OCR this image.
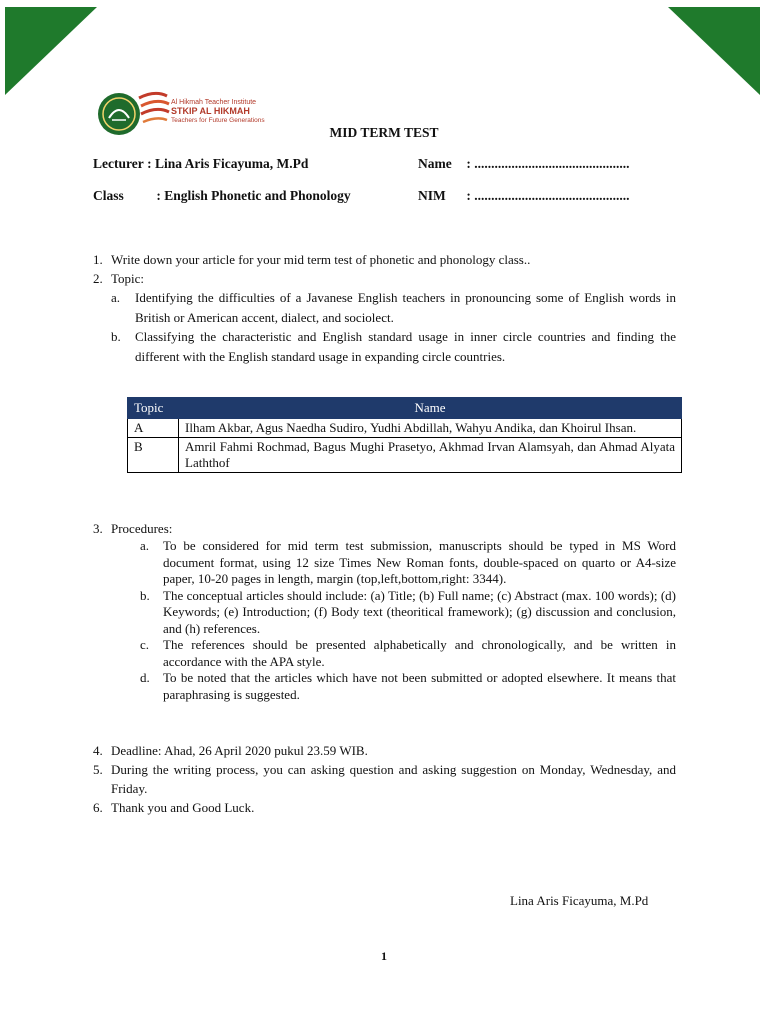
Al Hikmah Teacher Institute
STKIP AL HIKMAH
Teachers for Future Generations
MID TERM TEST
Lecturer : Lina Aris Ficayuma, M.Pd	Name : ..............................................
Class : English Phonetic and Phonology	NIM : ..............................................
1. Write down your article for your mid term test of phonetic and phonology class..
2. Topic:
a. Identifying the difficulties of a Javanese English teachers in pronouncing some of English words in British or American accent, dialect, and sociolect.
b. Classifying the characteristic and English standard usage in inner circle countries and finding the different with the English standard usage in expanding circle countries.
Topic	Name
A	Ilham Akbar, Agus Naedha Sudiro, Yudhi Abdillah, Wahyu Andika, dan Khoirul Ihsan.
B	Amril Fahmi Rochmad, Bagus Mughi Prasetyo, Akhmad Irvan Alamsyah, dan Ahmad Alyata Laththof
3. Procedures:
a. To be considered for mid term test submission, manuscripts should be typed in MS Word document format, using 12 size Times New Roman fonts, double-spaced on quarto or A4-size paper, 10-20 pages in length, margin (top,left,bottom,right: 3344).
b. The conceptual articles should include: (a) Title; (b) Full name; (c) Abstract (max. 100 words); (d) Keywords; (e) Introduction; (f) Body text (theoritical framework); (g) discussion and conclusion, and (h) references.
c. The references should be presented alphabetically and chronologically, and be written in accordance with the APA style.
d. To be noted that the articles which have not been submitted or adopted elsewhere. It means that paraphrasing is suggested.
4. Deadline: Ahad, 26 April 2020 pukul 23.59 WIB.
5. During the writing process, you can asking question and asking suggestion on Monday, Wednesday, and Friday.
6. Thank you and Good Luck.
Lina Aris Ficayuma, M.Pd
1
